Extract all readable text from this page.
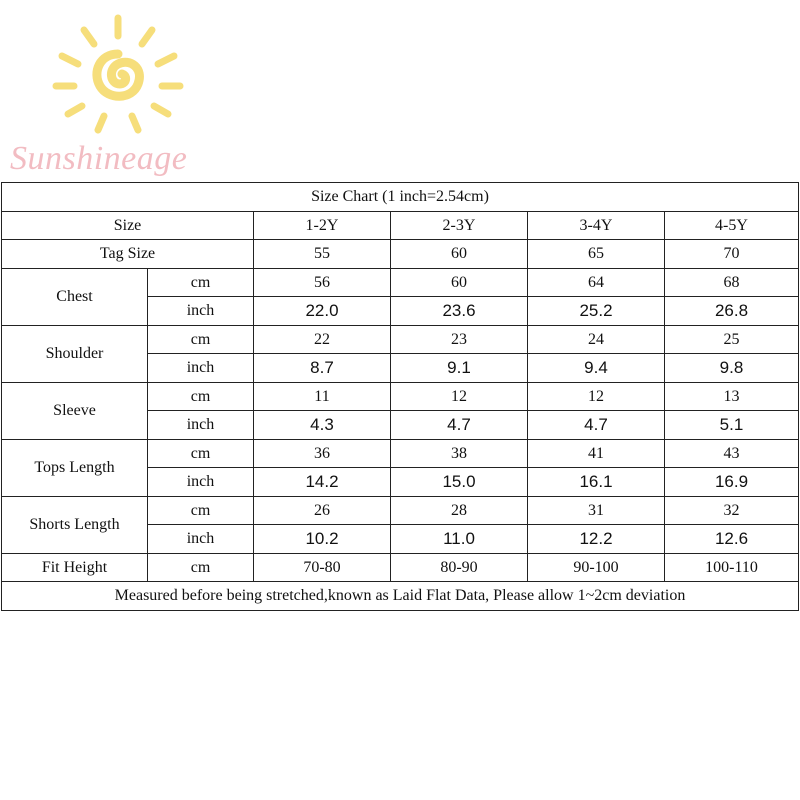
Sunshineage
Size Chart (1 inch=2.54cm)					
Size		1-2Y	2-3Y	3-4Y	4-5Y
Tag Size		55	60	65	70
Chest	cm	56	60	64	68
	inch	22.0	23.6	25.2	26.8
Shoulder	cm	22	23	24	25
	inch	8.7	9.1	9.4	9.8
Sleeve	cm	11	12	12	13
	inch	4.3	4.7	4.7	5.1
Tops Length	cm	36	38	41	43
	inch	14.2	15.0	16.1	16.9
Shorts Length	cm	26	28	31	32
	inch	10.2	11.0	12.2	12.6
Fit Height	cm	70-80	80-90	90-100	100-110
Measured before being stretched,known as Laid Flat Data, Please allow 1~2cm deviation					
